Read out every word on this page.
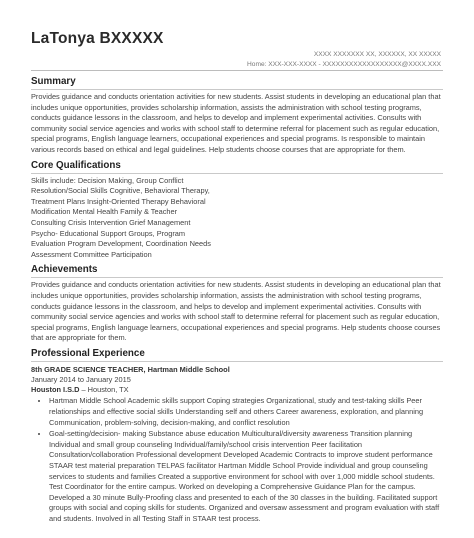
LaTonya BXXXXX
XXXX XXXXXXX XX, XXXXXX, XX XXXXX
Home: XXX-XXX-XXXX - XXXXXXXXXXXXXXXXXX@XXXX.XXX
Summary
Provides guidance and conducts orientation activities for new students. Assist students in developing an educational plan that includes unique opportunities, provides scholarship information, assists the administration with school testing programs, conducts guidance lessons in the classroom, and helps to develop and implement experimental activities. Consults with community social service agencies and works with school staff to determine referral for placement such as regular education, special programs, English language learners, occupational experiences and special programs. Is responsible to maintain various records based on ethical and legal guidelines. Help students choose courses that are appropriate for them.
Core Qualifications
Skills include: Decision Making, Group Conflict
Resolution/Social Skills Cognitive, Behavioral Therapy,
Treatment Plans Insight-Oriented Therapy Behavioral
Modification Mental Health Family & Teacher
Consulting Crisis Intervention Grief Management
Psycho- Educational Support Groups, Program
Evaluation Program Development, Coordination Needs
Assessment Committee Participation
Achievements
Provides guidance and conducts orientation activities for new students. Assist students in developing an educational plan that includes unique opportunities, provides scholarship information, assists the administration with school testing programs, conducts guidance lessons in the classroom, and helps to develop and implement experimental activities. Consults with community social service agencies and works with school staff to determine referral for placement such as regular education, special programs, English language learners, occupational experiences and special programs. Help students choose courses that are appropriate for them.
Professional Experience
8th GRADE SCIENCE TEACHER, Hartman Middle School
January 2014 to January 2015
Houston I.S.D – Houston, TX
• Hartman Middle School Academic skills support Coping strategies Organizational, study and test-taking skills Peer relationships and effective social skills Understanding self and others Career awareness, exploration, and planning Communication, problem-solving, decision-making, and conflict resolution
• Goal-setting/decision- making Substance abuse education Multicultural/diversity awareness Transition planning Individual and small group counseling Individual/family/school crisis intervention Peer facilitation Consultation/collaboration Professional development Developed Academic Contracts to improve student performance STAAR test material preparation TELPAS facilitator Hartman Middle School Provide individual and group counseling services to students and families Created a supportive environment for school with over 1,000 middle school students. Test Coordinator for the entire campus. Worked on developing a Comprehensive Guidance Plan for the campus. Developed a 30 minute Bully-Proofing class and presented to each of the 30 classes in the building. Facilitated support groups with social and coping skills for students. Organized and oversaw assessment and program evaluation with staff and students. Involved in all Testing Staff in STAAR test process.
